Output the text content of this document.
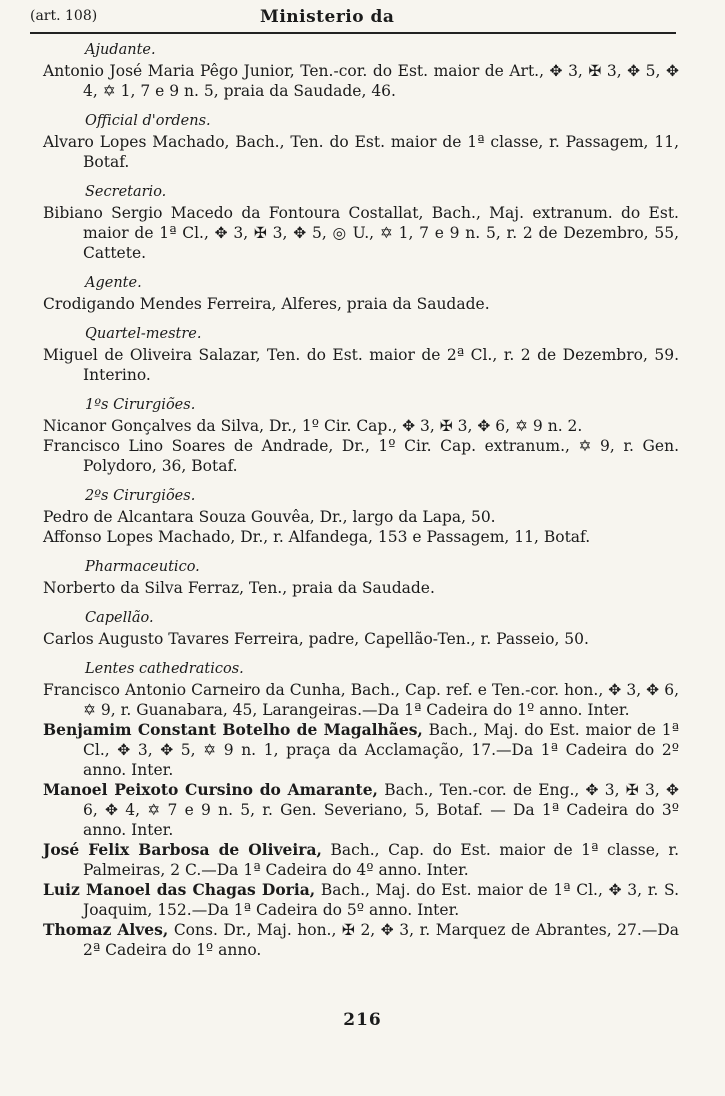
(art. 108)	Ministerio da
Ajudante.
Antonio José Maria Pêgo Junior, Ten.-cor. do Est. maior de Art., ✥ 3, ✠ 3, ✥ 5, ✥ 4, ✡ 1, 7 e 9 n. 5, praia da Saudade, 46.
Official d'ordens.
Alvaro Lopes Machado, Bach., Ten. do Est. maior de 1ª classe, r. Passagem, 11, Botaf.
Secretario.
Bibiano Sergio Macedo da Fontoura Costallat, Bach., Maj. extranum. do Est. maior de 1ª Cl., ✥ 3, ✠ 3, ✥ 5, ◎ U., ✡ 1, 7 e 9 n. 5, r. 2 de Dezembro, 55, Cattete.
Agente.
Crodigando Mendes Ferreira, Alferes, praia da Saudade.
Quartel-mestre.
Miguel de Oliveira Salazar, Ten. do Est. maior de 2ª Cl., r. 2 de Dezembro, 59. Interino.
1ºs Cirurgiões.
Nicanor Gonçalves da Silva, Dr., 1º Cir. Cap., ✥ 3, ✠ 3, ✥ 6, ✡ 9 n. 2.
Francisco Lino Soares de Andrade, Dr., 1º Cir. Cap. extranum., ✡ 9, r. Gen. Polydoro, 36, Botaf.
2ºs Cirurgiões.
Pedro de Alcantara Souza Gouvêa, Dr., largo da Lapa, 50.
Affonso Lopes Machado, Dr., r. Alfandega, 153 e Passagem, 11, Botaf.
Pharmaceutico.
Norberto da Silva Ferraz, Ten., praia da Saudade.
Capellão.
Carlos Augusto Tavares Ferreira, padre, Capellão-Ten., r. Passeio, 50.
Lentes cathedraticos.
Francisco Antonio Carneiro da Cunha, Bach., Cap. ref. e Ten.-cor. hon., ✥ 3, ✥ 6, ✡ 9, r. Guanabara, 45, Larangeiras.—Da 1ª Cadeira do 1º anno. Inter.
Benjamim Constant Botelho de Magalhães, Bach., Maj. do Est. maior de 1ª Cl., ✥ 3, ✥ 5, ✡ 9 n. 1, praça da Acclamação, 17.—Da 1ª Cadeira do 2º anno. Inter.
Manoel Peixoto Cursino do Amarante, Bach., Ten.-cor. de Eng., ✥ 3, ✠ 3, ✥ 6, ✥ 4, ✡ 7 e 9 n. 5, r. Gen. Severiano, 5, Botaf. — Da 1ª Cadeira do 3º anno. Inter.
José Felix Barbosa de Oliveira, Bach., Cap. do Est. maior de 1ª classe, r. Palmeiras, 2 C.—Da 1ª Cadeira do 4º anno. Inter.
Luiz Manoel das Chagas Doria, Bach., Maj. do Est. maior de 1ª Cl., ✥ 3, r. S. Joaquim, 152.—Da 1ª Cadeira do 5º anno. Inter.
Thomaz Alves, Cons. Dr., Maj. hon., ✠ 2, ✥ 3, r. Marquez de Abrantes, 27.—Da 2ª Cadeira do 1º anno.
216
